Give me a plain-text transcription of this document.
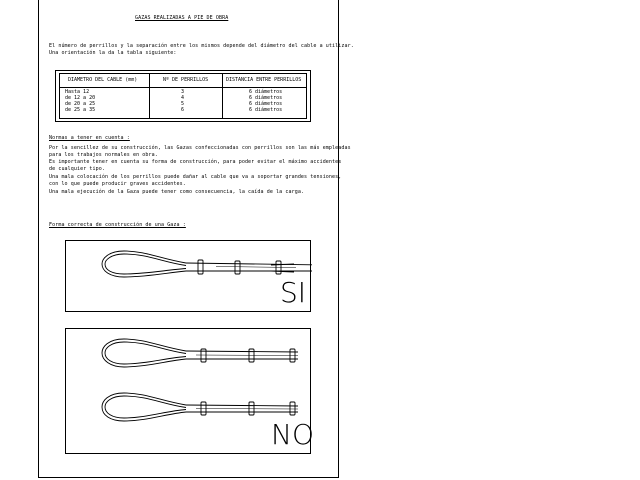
GAZAS REALIZADAS A PIE DE OBRA
El número de perrillos y la separación entre los mismos depende del diámetro del cable a utilizar.
Una orientación la da la tabla siguiente:
DIAMETRO DEL CABLE (mm)	Nº DE PERRILLOS	DISTANCIA ENTRE PERRILLOS
Hasta 12	3	6 diámetros
de 12 a 20	4	6 diámetros
de 20 a 25	5	6 diámetros
de 25 a 35	6	6 diámetros
Normas a tener en cuenta :
Por la sencillez de su construcción, las Gazas confeccionadas con perrillos son las más empleadas
para los trabajos normales en obra.
Es importante tener en cuenta su forma de construcción, para poder evitar el máximo accidentes
de cualquier tipo.
Una mala colocación de los perrillos puede dañar al cable que va a soportar grandes tensiones,
con lo que puede producir graves accidentes.
Una mala ejecución de la Gaza puede tener como consecuencia, la caída de la carga.
Forma correcta de construcción de una Gaza :
SI
NO
